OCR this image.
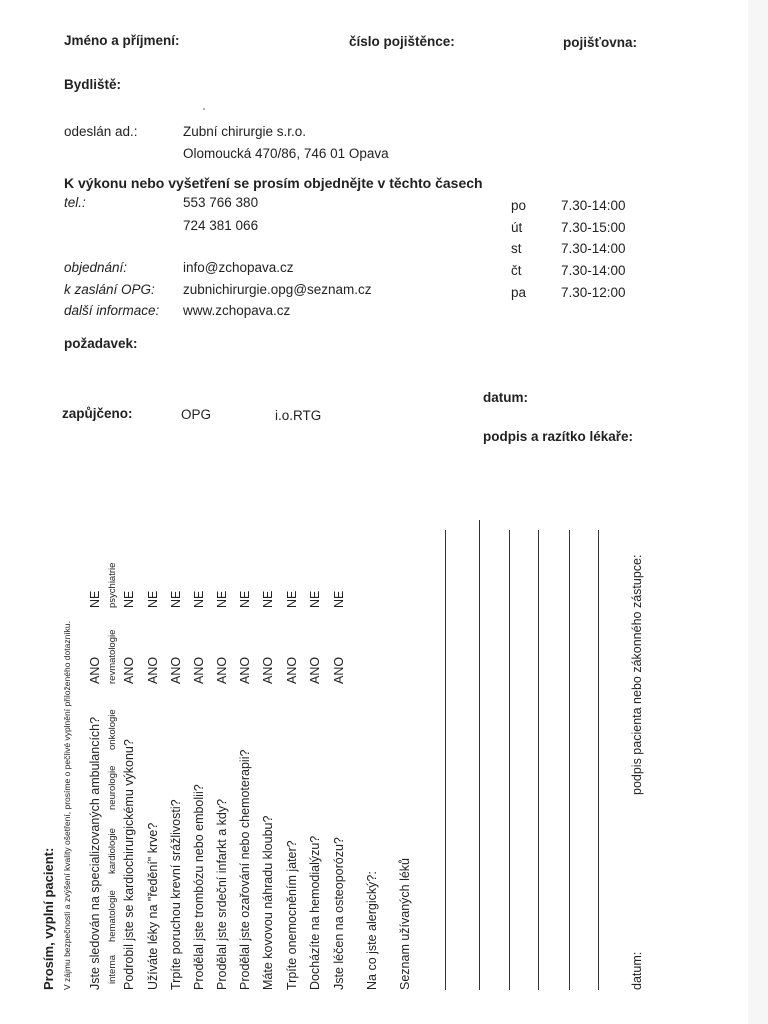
Jméno a příjmení:	číslo pojištěnce:	pojišťovna:
Bydliště:
odeslán ad.:	Zubní chirurgie s.r.o.
Olomoucká 470/86, 746 01 Opava
K výkonu nebo vyšetření se prosím objednějte v těchto časech
tel.:	553 766 380
724 381 066
objednání:	info@zchopava.cz
k zaslání OPG: zubnichirurgie.opg@seznam.cz
další informace: www.zchopava.cz
po	7.30-14:00
út	7.30-15:00
st	7.30-14:00
čt	7.30-14:00
pa	7.30-12:00
požadavek:
datum:
zapůjčeno:	OPG	i.o.RTG
podpis a razítko lékaře:
Prosím, vyplní pacient: V zájmu bezpečnosti a zvýšení kvality ošetření, prosíme o pečlivé vyplnění přiloženého dotazníku. Jste sledován na specializovaných ambulancích?
ANO
NE
interna
hematologie
kardiologie
neurologie
onkologie
revmatologie
psychiatrie
Podrobil jste se kardiochirurgickému výkonu?
ANO
NE
Užíváte léky na "ředění" krve?
ANO
NE
Trpíte poruchou krevní srážlivosti?
ANO
NE
Prodělal jste trombózu nebo embolii?
ANO
NE
Prodělal jste srdeční infarkt a kdy?
ANO
NE
Prodělal jste ozařování nebo chemoterapii?
ANO
NE
Máte kovovou náhradu kloubu?
ANO
NE
Trpíte onemocněním jater?
ANO
NE
Docházíte na hemodialýzu?
ANO
NE
Jste léčen na osteoporózu?
ANO
NE
Na co jste alergický?: Seznam užívaných léků	datum:
podpis pacienta nebo zákonného zástupce:
